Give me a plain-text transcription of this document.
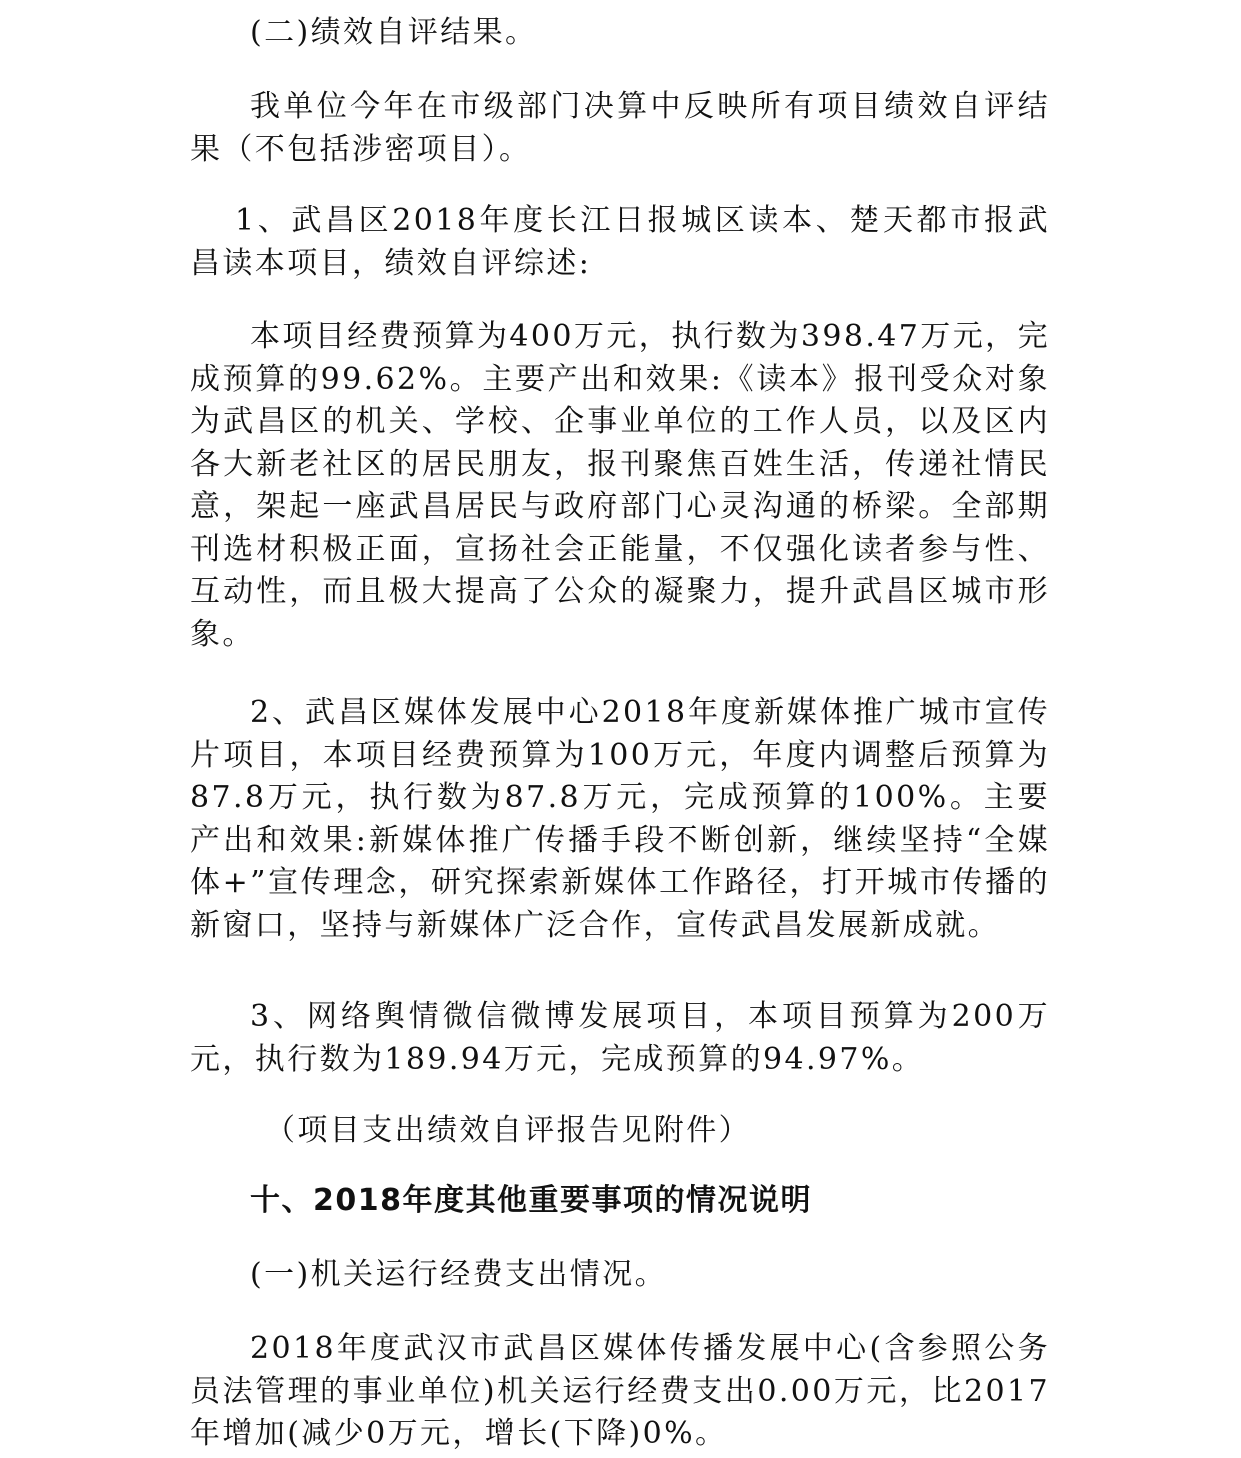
(二)绩效自评结果。

我单位今年在市级部门决算中反映所有项目绩效自评结果（不包括涉密项目）。

1、武昌区2018年度长江日报城区读本、楚天都市报武昌读本项目，绩效自评综述:

本项目经费预算为400万元，执行数为398.47万元，完成预算的99.62%。主要产出和效果:《读本》报刊受众对象为武昌区的机关、学校、企事业单位的工作人员，以及区内各大新老社区的居民朋友，报刊聚焦百姓生活，传递社情民意，架起一座武昌居民与政府部门心灵沟通的桥梁。全部期刊选材积极正面，宣扬社会正能量，不仅强化读者参与性、互动性，而且极大提高了公众的凝聚力，提升武昌区城市形象。

2、武昌区媒体发展中心2018年度新媒体推广城市宣传片项目，本项目经费预算为100万元，年度内调整后预算为87.8万元，执行数为87.8万元，完成预算的100%。主要产出和效果:新媒体推广传播手段不断创新，继续坚持“全媒体+”宣传理念，研究探索新媒体工作路径，打开城市传播的新窗口，坚持与新媒体广泛合作，宣传武昌发展新成就。

3、网络舆情微信微博发展项目，本项目预算为200万元，执行数为189.94万元，完成预算的94.97%。

（项目支出绩效自评报告见附件）

十、2018年度其他重要事项的情况说明

(一)机关运行经费支出情况。

2018年度武汉市武昌区媒体传播发展中心(含参照公务员法管理的事业单位)机关运行经费支出0.00万元，比2017年增加(减少0万元，增长(下降)0%。
